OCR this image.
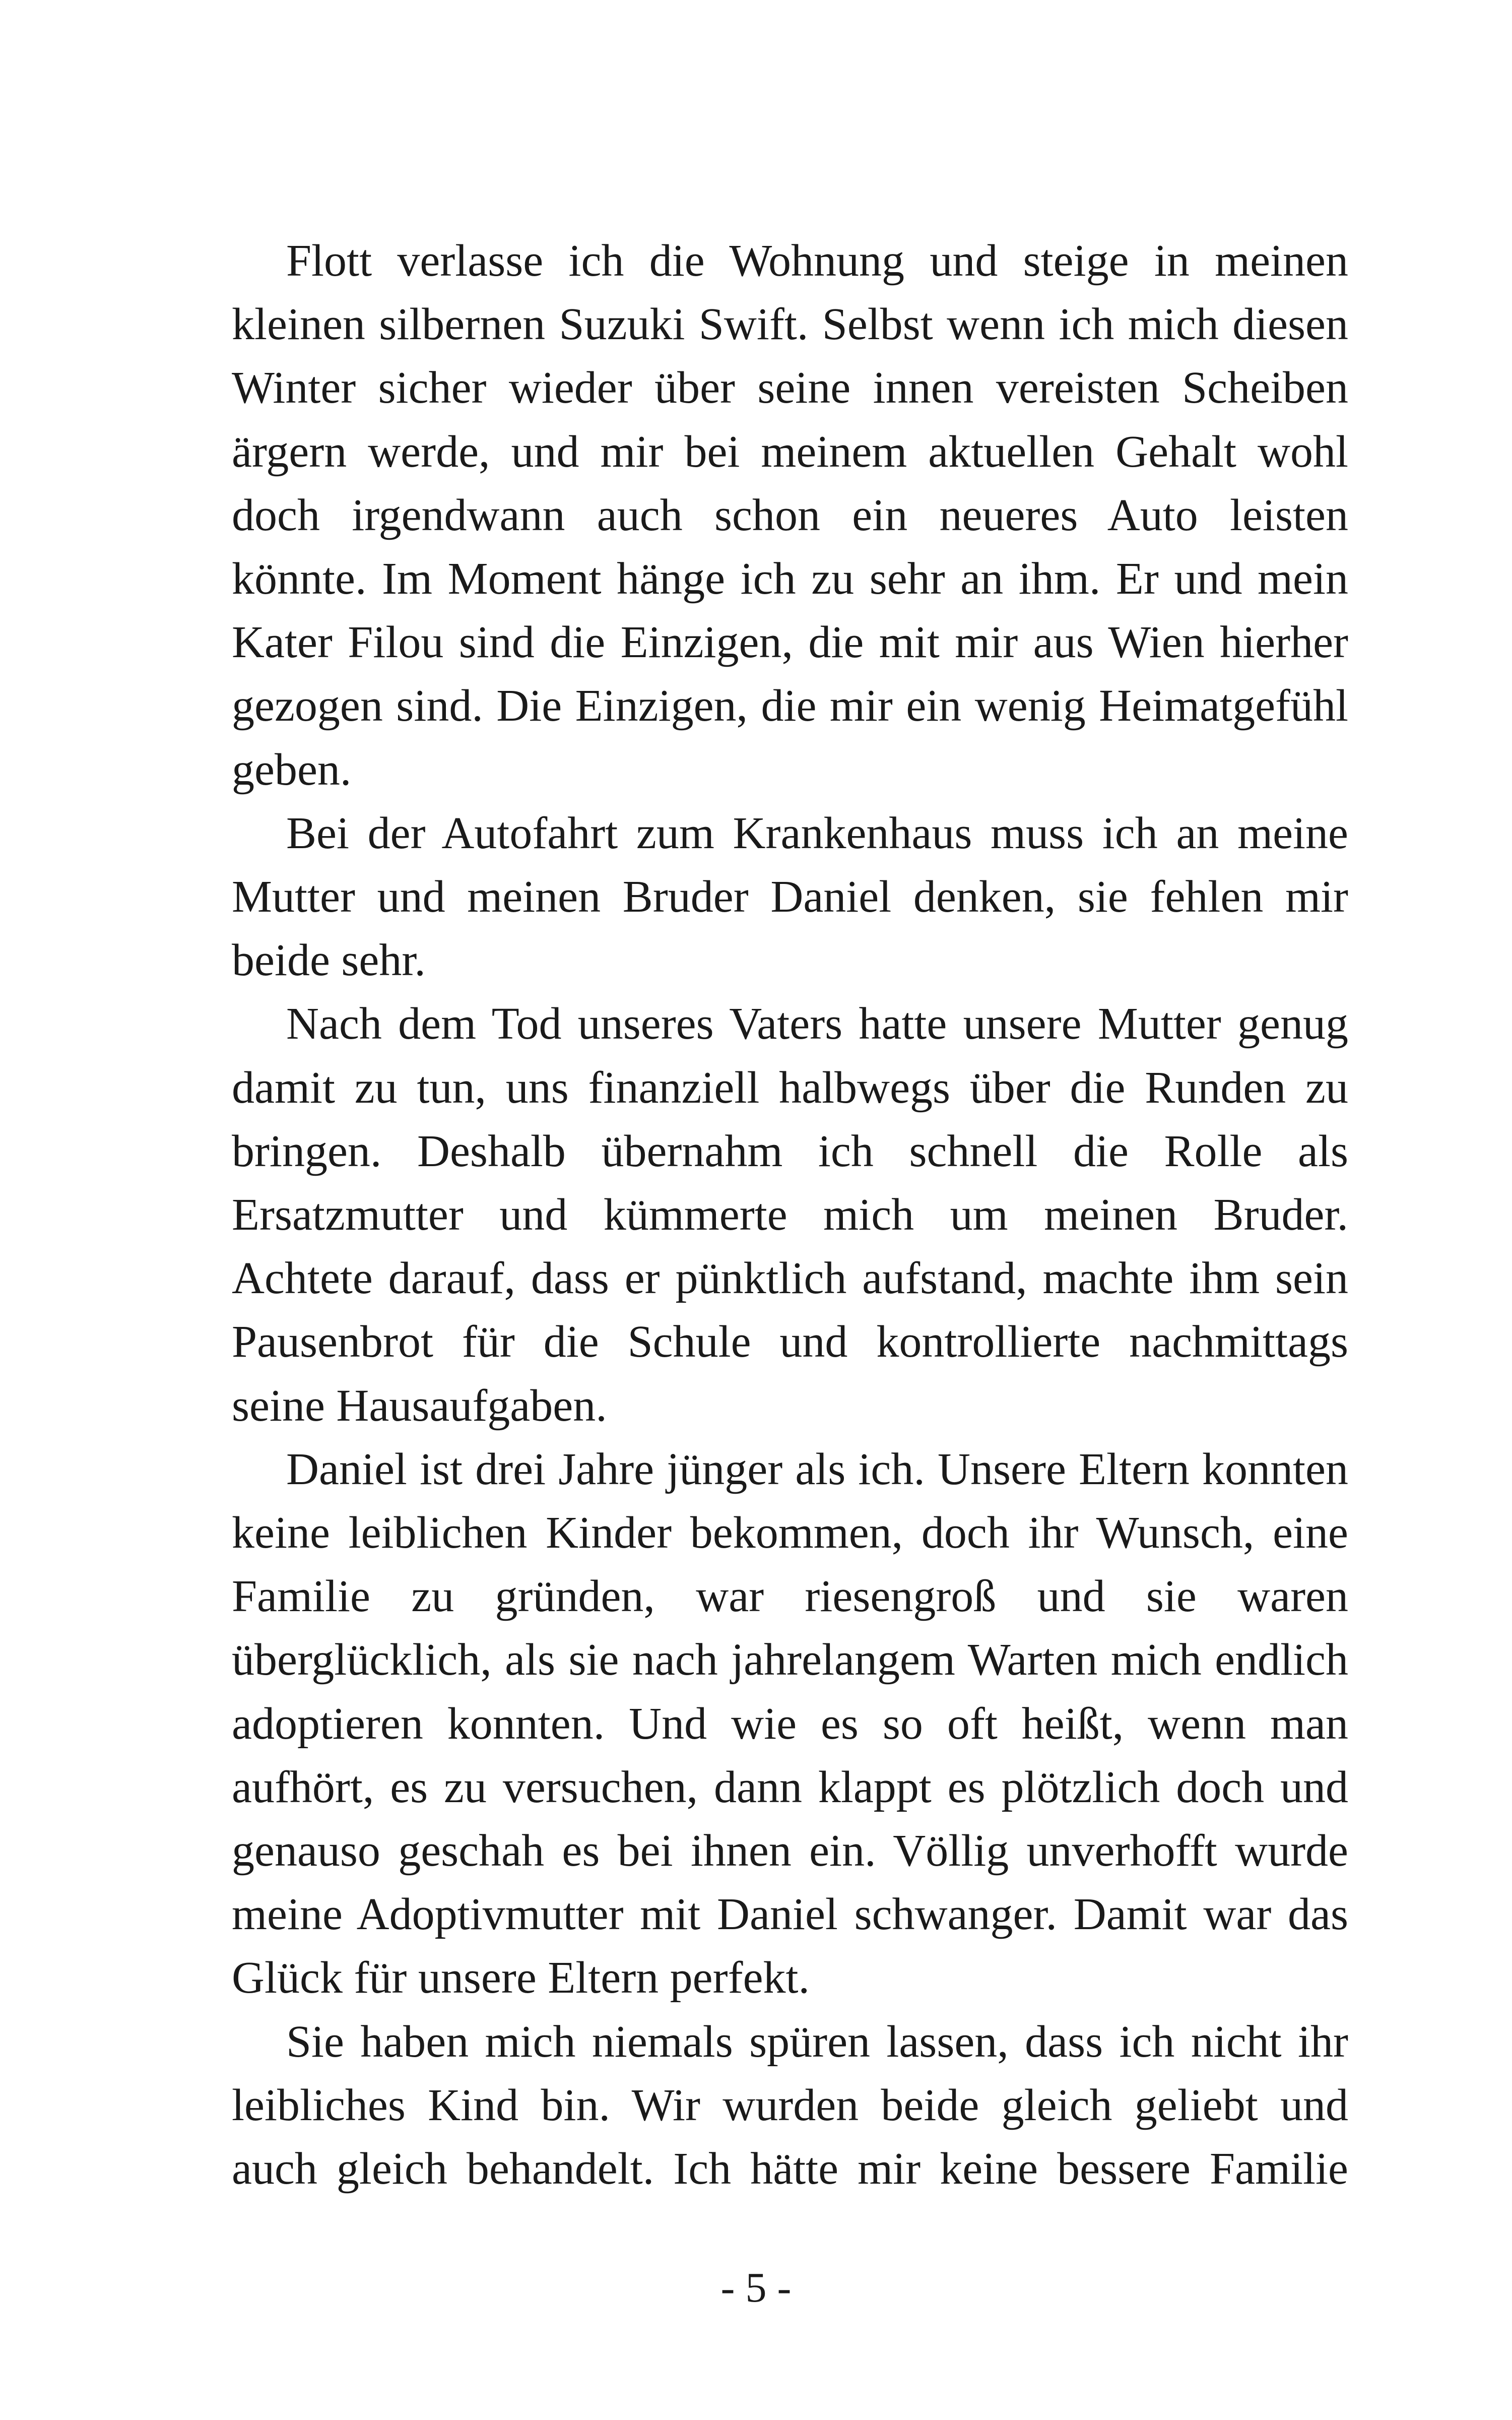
Flott verlasse ich die Wohnung und steige in meinen kleinen silbernen Suzuki Swift. Selbst wenn ich mich diesen Winter sicher wieder über seine innen vereisten Scheiben ärgern werde, und mir bei meinem aktuellen Gehalt wohl doch irgendwann auch schon ein neueres Auto leisten könnte. Im Moment hänge ich zu sehr an ihm. Er und mein Kater Filou sind die Einzigen, die mit mir aus Wien hierher gezogen sind. Die Einzigen, die mir ein wenig Heimatgefühl geben.

Bei der Autofahrt zum Krankenhaus muss ich an meine Mutter und meinen Bruder Daniel denken, sie fehlen mir beide sehr.

Nach dem Tod unseres Vaters hatte unsere Mutter genug damit zu tun, uns finanziell halbwegs über die Runden zu bringen. Deshalb übernahm ich schnell die Rolle als Ersatzmutter und kümmerte mich um meinen Bruder. Achtete darauf, dass er pünktlich aufstand, machte ihm sein Pausenbrot für die Schule und kontrollierte nachmittags seine Hausaufgaben.

Daniel ist drei Jahre jünger als ich. Unsere Eltern konnten keine leiblichen Kinder bekommen, doch ihr Wunsch, eine Familie zu gründen, war riesengroß und sie waren überglücklich, als sie nach jahrelangem Warten mich endlich adoptieren konnten. Und wie es so oft heißt, wenn man aufhört, es zu versuchen, dann klappt es plötzlich doch und genauso geschah es bei ihnen ein. Völlig unverhofft wurde meine Adoptivmutter mit Daniel schwanger. Damit war das Glück für unsere Eltern perfekt.

Sie haben mich niemals spüren lassen, dass ich nicht ihr leibliches Kind bin. Wir wurden beide gleich geliebt und auch gleich behandelt. Ich hätte mir keine bessere Familie

- 5 -
